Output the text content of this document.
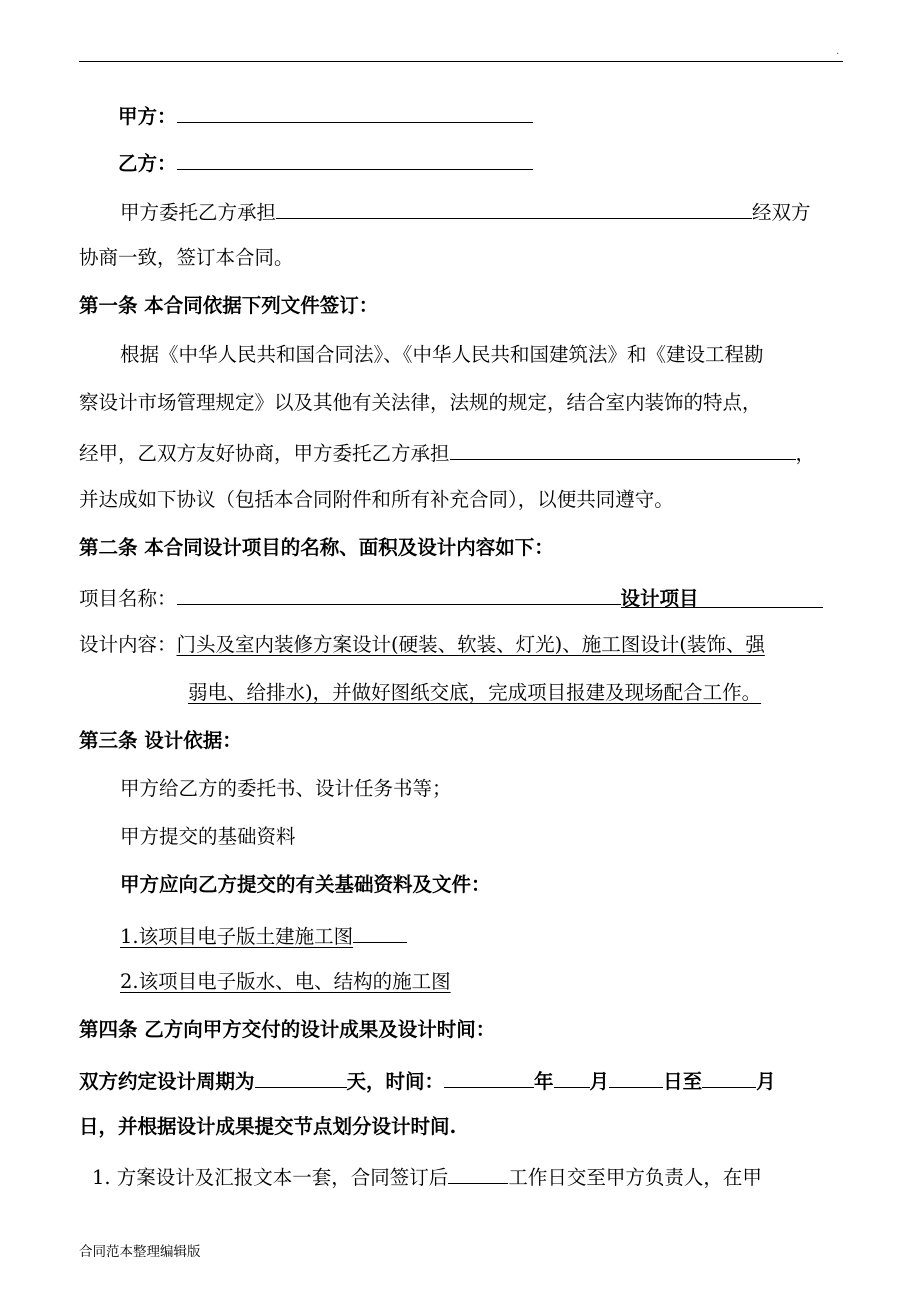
.
甲方：
乙方：
甲方委托乙方承担	经双方
协商一致，签订本合同。
第一条 本合同依据下列文件签订：
根据《中华人民共和国合同法》、《中华人民共和国建筑法》和《建设工程勘
察设计市场管理规定》以及其他有关法律，法规的规定，结合室内装饰的特点，
经甲，乙双方友好协商，甲方委托乙方承担	，
并达成如下协议（包括本合同附件和所有补充合同），以便共同遵守。
第二条 本合同设计项目的名称、面积及设计内容如下：
项目名称：	设计项目
设计内容：门头及室内装修方案设计(硬装、软装、灯光)、施工图设计(装饰、强
弱电、给排水)，并做好图纸交底，完成项目报建及现场配合工作。
第三条 设计依据：
甲方给乙方的委托书、设计任务书等；
甲方提交的基础资料
甲方应向乙方提交的有关基础资料及文件：
1.该项目电子版土建施工图
2.该项目电子版水、电、结构的施工图
第四条 乙方向甲方交付的设计成果及设计时间：
双方约定设计周期为	天，时间：	年 月	日至	月
日，并根据设计成果提交节点划分设计时间.
1. 方案设计及汇报文本一套，合同签订后	工作日交至甲方负责人，在甲
合同范本整理编辑版
